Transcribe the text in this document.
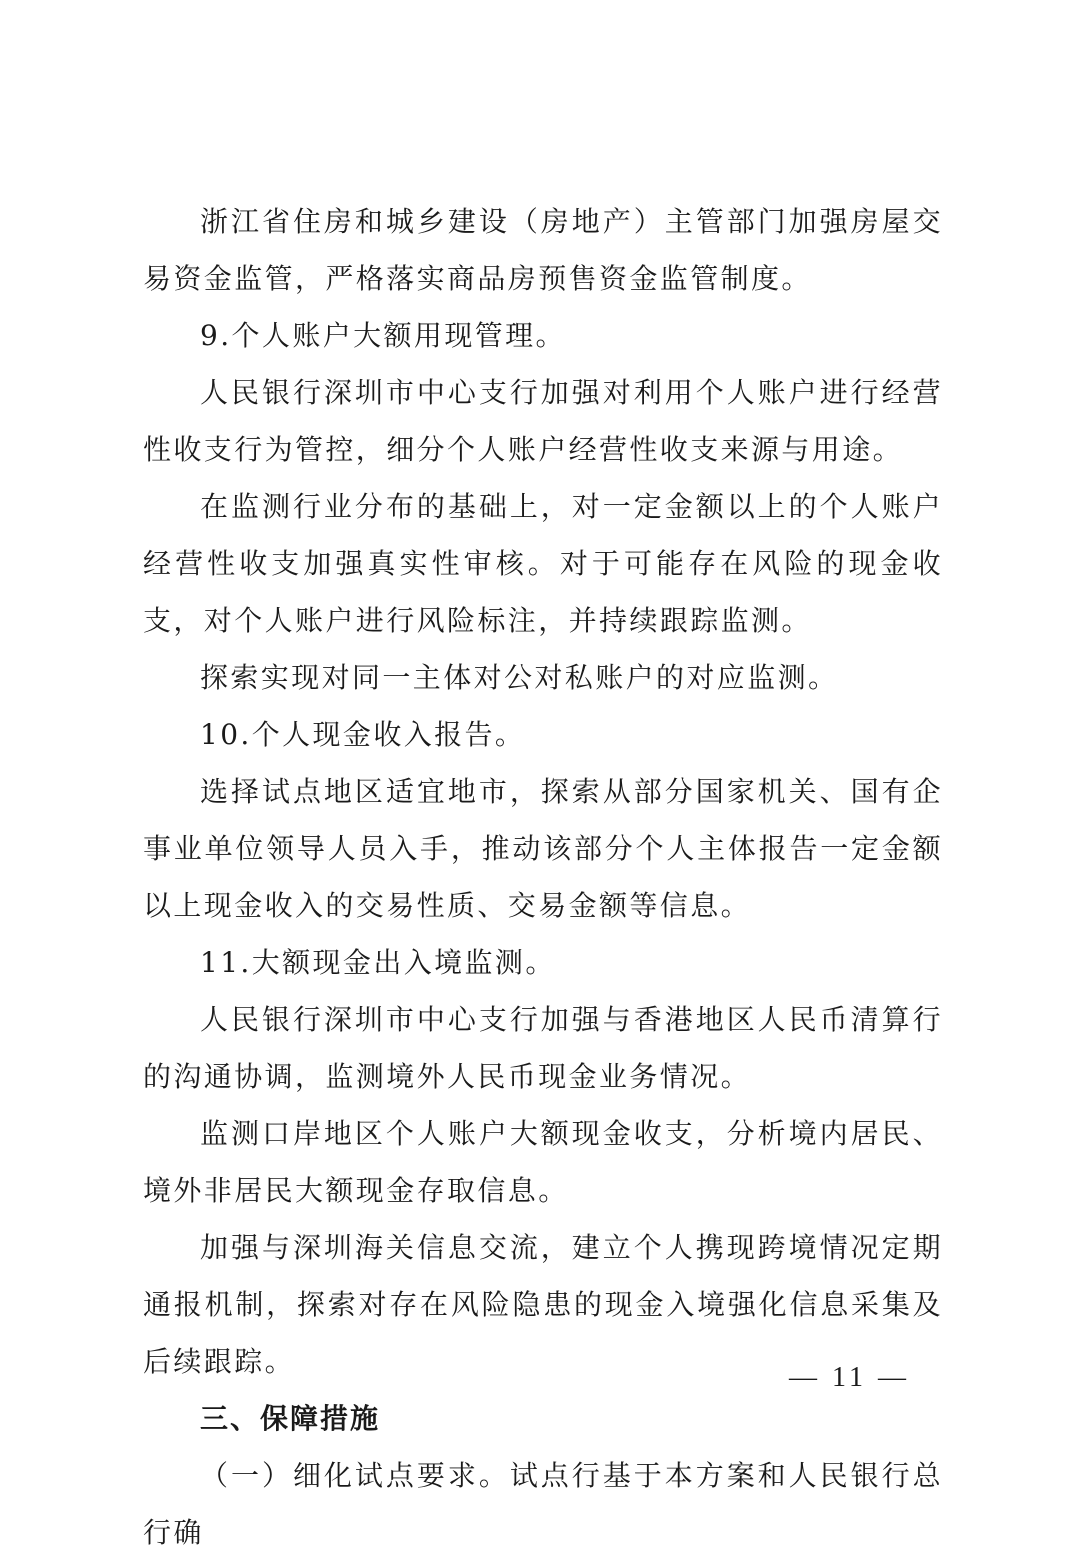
浙江省住房和城乡建设（房地产）主管部门加强房屋交易资金监管，严格落实商品房预售资金监管制度。

9.个人账户大额用现管理。

人民银行深圳市中心支行加强对利用个人账户进行经营性收支行为管控，细分个人账户经营性收支来源与用途。

在监测行业分布的基础上，对一定金额以上的个人账户经营性收支加强真实性审核。对于可能存在风险的现金收支，对个人账户进行风险标注，并持续跟踪监测。

探索实现对同一主体对公对私账户的对应监测。

10.个人现金收入报告。

选择试点地区适宜地市，探索从部分国家机关、国有企事业单位领导人员入手，推动该部分个人主体报告一定金额以上现金收入的交易性质、交易金额等信息。

11.大额现金出入境监测。

人民银行深圳市中心支行加强与香港地区人民币清算行的沟通协调，监测境外人民币现金业务情况。

监测口岸地区个人账户大额现金收支，分析境内居民、境外非居民大额现金存取信息。

加强与深圳海关信息交流，建立个人携现跨境情况定期通报机制，探索对存在风险隐患的现金入境强化信息采集及后续跟踪。

三、保障措施

（一）细化试点要求。试点行基于本方案和人民银行总行确

— 11 —
